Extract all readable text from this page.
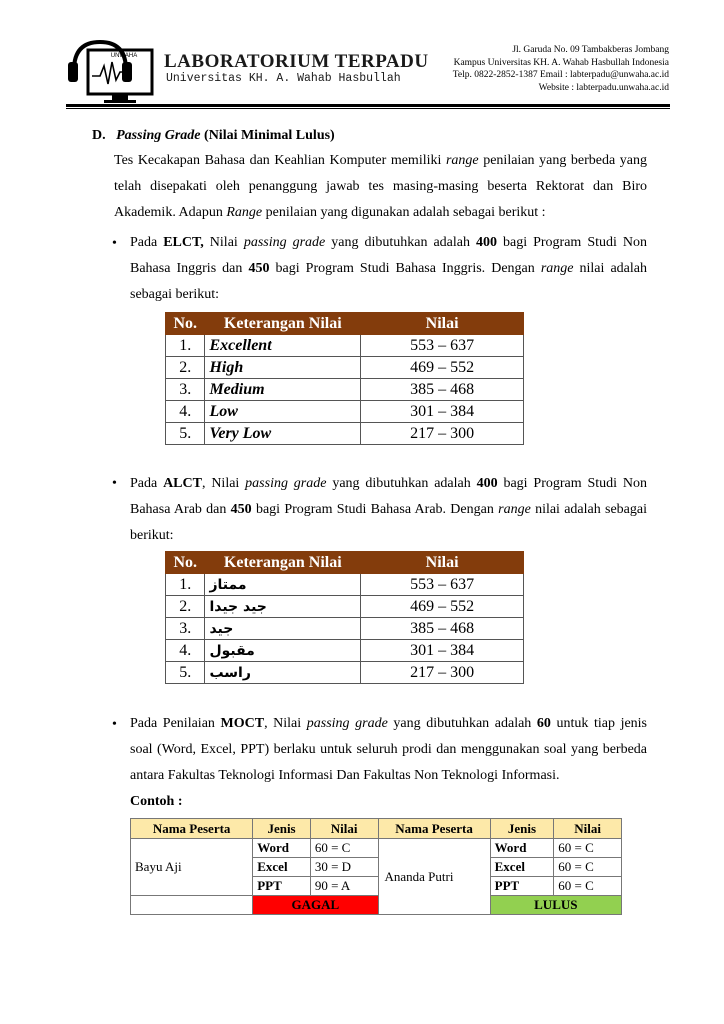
UNWAHA LABORATORIUM TERPADU
Universitas KH. A. Wahab Hasbullah
Jl. Garuda No. 09 Tambakberas Jombang
Kampus Universitas KH. A. Wahab Hasbullah Indonesia
Telp. 0822-2852-1387 Email : labterpadu@unwaha.ac.id
Website : labterpadu.unwaha.ac.id
D. Passing Grade (Nilai Minimal Lulus)
Tes Kecakapan Bahasa dan Keahlian Komputer memiliki range penilaian yang berbeda yang telah disepakati oleh penanggung jawab tes masing-masing beserta Rektorat dan Biro Akademik. Adapun Range penilaian yang digunakan adalah sebagai berikut :
• Pada ELCT, Nilai passing grade yang dibutuhkan adalah 400 bagi Program Studi Non Bahasa Inggris dan 450 bagi Program Studi Bahasa Inggris. Dengan range nilai adalah sebagai berikut:
No.	Keterangan Nilai	Nilai
1.	Excellent	553 – 637
2.	High	469 – 552
3.	Medium	385 – 468
4.	Low	301 – 384
5.	Very Low	217 – 300
• Pada ALCT, Nilai passing grade yang dibutuhkan adalah 400 bagi Program Studi Non Bahasa Arab dan 450 bagi Program Studi Bahasa Arab. Dengan range nilai adalah sebagai berikut:
No.	Keterangan Nilai	Nilai
1.	ممتاز	553 – 637
2.	جيد جيدا	469 – 552
3.	جيد	385 – 468
4.	مقبول	301 – 384
5.	راسب	217 – 300
• Pada Penilaian MOCT, Nilai passing grade yang dibutuhkan adalah 60 untuk tiap jenis soal (Word, Excel, PPT) berlaku untuk seluruh prodi dan menggunakan soal yang berbeda antara Fakultas Teknologi Informasi Dan Fakultas Non Teknologi Informasi.
Contoh :
Nama Peserta	Jenis	Nilai	Nama Peserta	Jenis	Nilai
Bayu Aji	Word	60 = C	Ananda Putri	Word	60 = C
	Excel	30 = D		Excel	60 = C
	PPT	90 = A		PPT	60 = C
	GAGAL			LULUS	
